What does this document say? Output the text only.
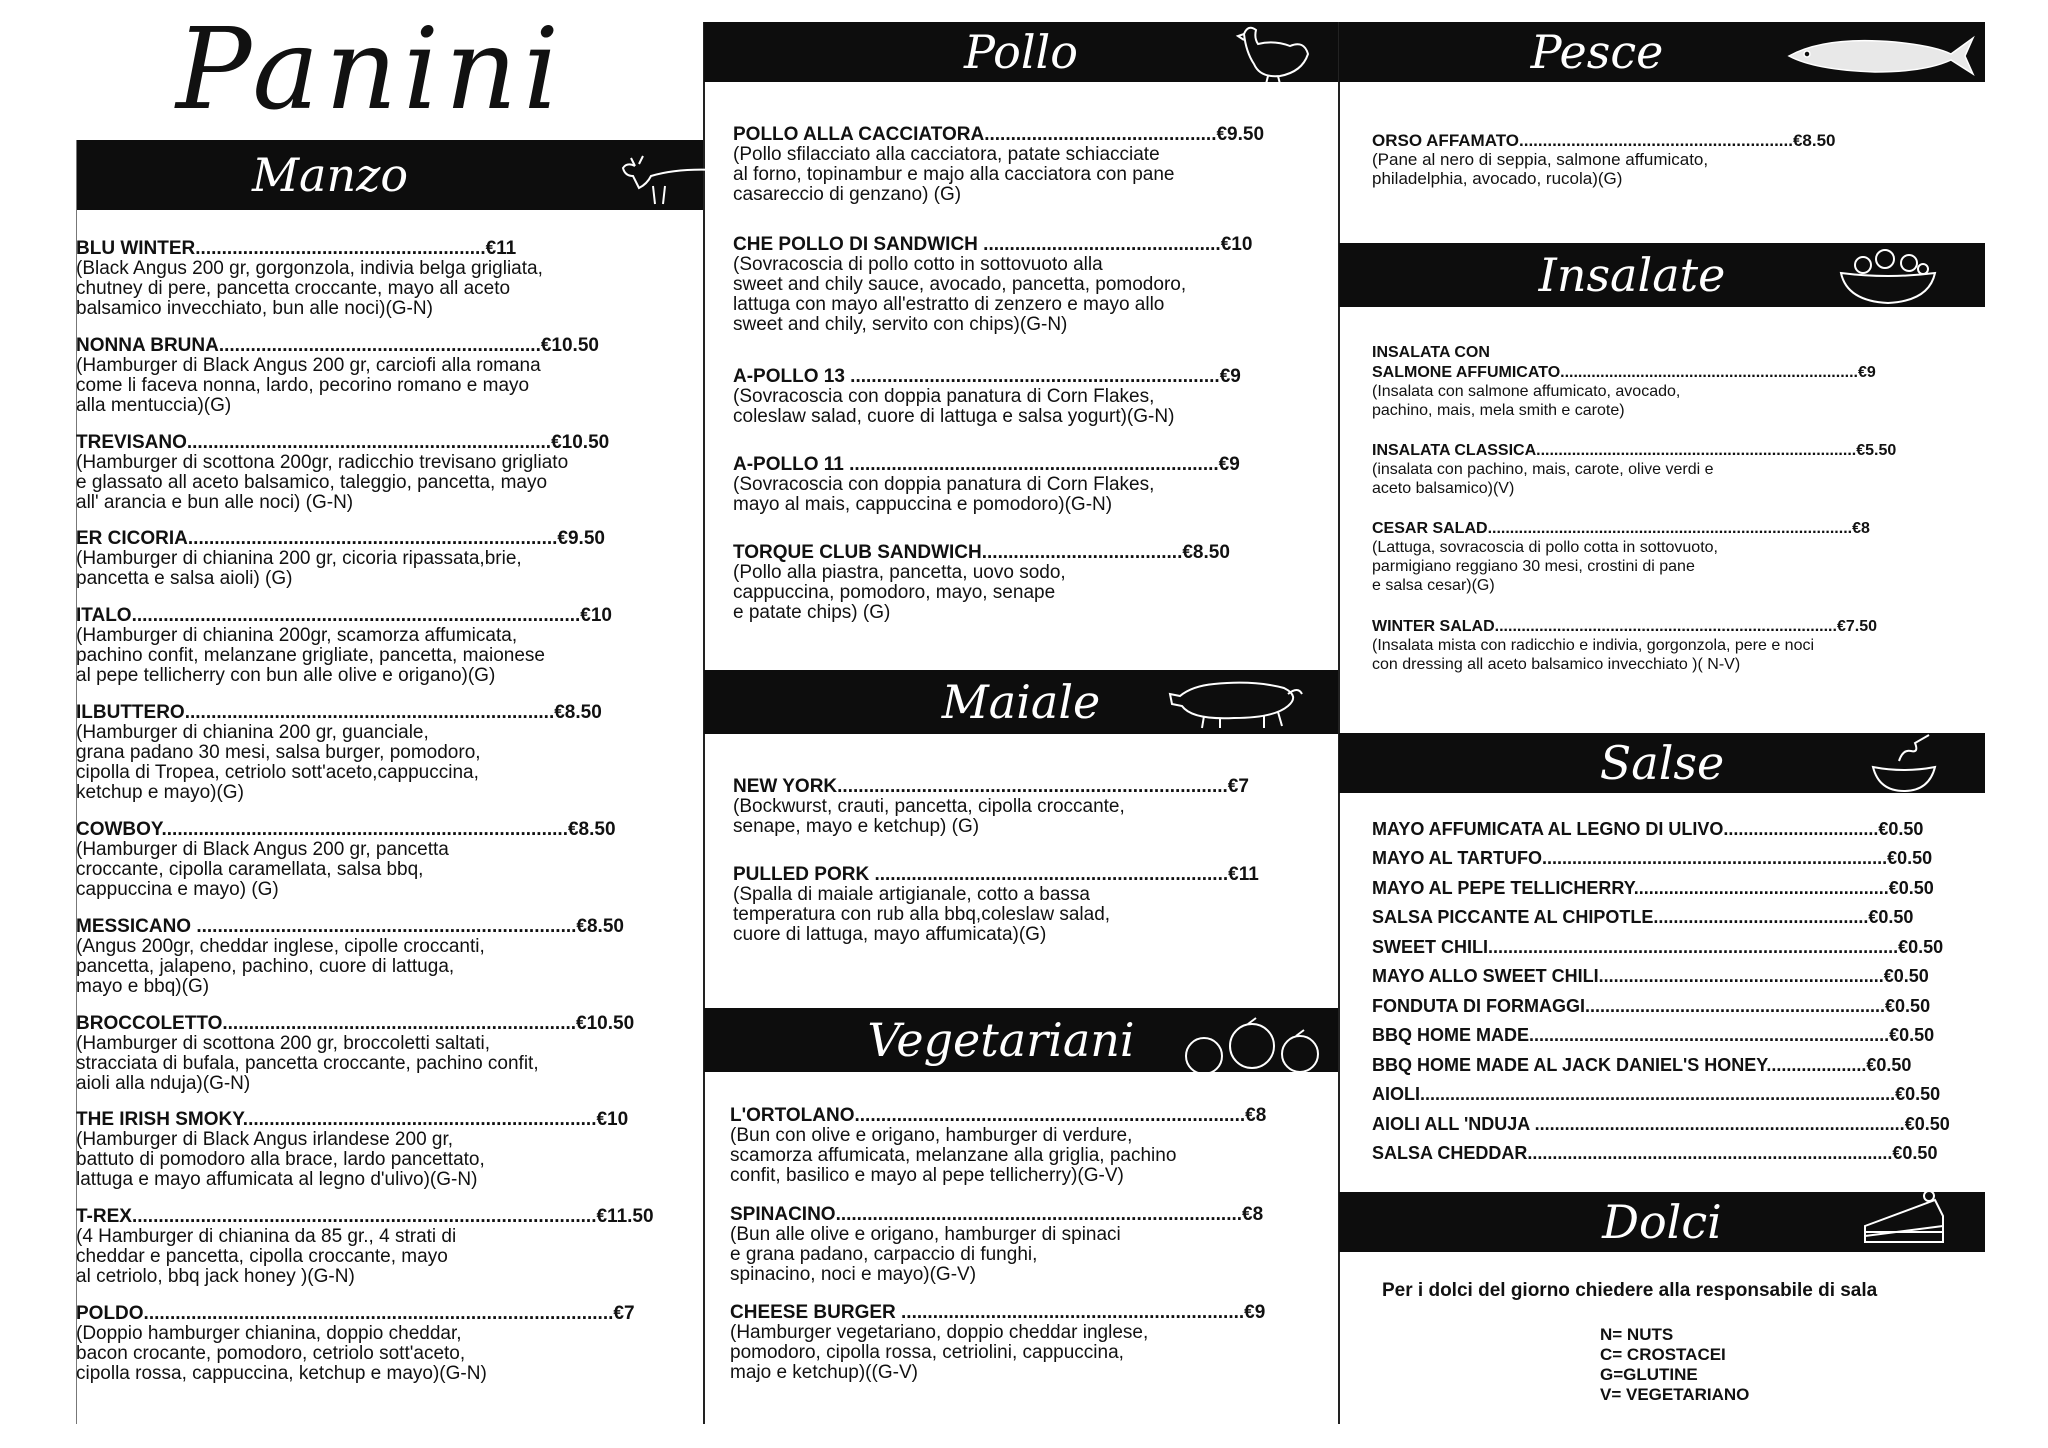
Panini
Manzo
Pollo	Pesce
Insalate
Maiale
Salse
Vegetariani
Dolci
BLU WINTER.......................................................€11
(Black Angus 200 gr, gorgonzola, indivia belga grigliata,
chutney di pere, pancetta croccante, mayo all aceto
balsamico invecchiato, bun alle noci)(G-N)
NONNA BRUNA.............................................................€10.50
(Hamburger di Black Angus 200 gr, carciofi alla romana
come li faceva nonna, lardo, pecorino romano e mayo
alla mentuccia)(G)
TREVISANO.....................................................................€10.50
(Hamburger di scottona 200gr, radicchio trevisano grigliato
e glassato all aceto balsamico, taleggio, pancetta, mayo
all' arancia e bun alle noci) (G-N)
ER CICORIA......................................................................€9.50
(Hamburger di chianina 200 gr, cicoria ripassata,brie,
pancetta e salsa aioli) (G)
ITALO.....................................................................................€10
(Hamburger di chianina 200gr, scamorza affumicata,
pachino confit, melanzane grigliate, pancetta, maionese
al pepe tellicherry con bun alle olive e origano)(G)
ILBUTTERO......................................................................€8.50
(Hamburger di chianina 200 gr, guanciale,
grana padano 30 mesi, salsa burger, pomodoro,
cipolla di Tropea, cetriolo sott'aceto,cappuccina,
ketchup e mayo)(G)
COWBOY.............................................................................€8.50
(Hamburger di Black Angus 200 gr, pancetta
croccante, cipolla caramellata, salsa bbq,
cappuccina e mayo) (G)
MESSICANO ........................................................................€8.50
(Angus 200gr, cheddar inglese, cipolle croccanti,
pancetta, jalapeno, pachino, cuore di lattuga,
mayo e bbq)(G)
BROCCOLETTO...................................................................€10.50
(Hamburger di scottona 200 gr, broccoletti saltati,
stracciata di bufala, pancetta croccante, pachino confit,
aioli alla nduja)(G-N)
THE IRISH SMOKY...................................................................€10
(Hamburger di Black Angus irlandese 200 gr,
battuto di pomodoro alla brace, lardo pancettato,
lattuga e mayo affumicata al legno d'ulivo)(G-N)
T-REX........................................................................................€11.50
(4 Hamburger di chianina da 85 gr., 4 strati di
cheddar e pancetta, cipolla croccante, mayo
al cetriolo, bbq jack honey )(G-N)
POLDO.........................................................................................€7
(Doppio hamburger chianina, doppio cheddar,
bacon crocante, pomodoro, cetriolo sott'aceto,
cipolla rossa, cappuccina, ketchup e mayo)(G-N)
POLLO ALLA CACCIATORA............................................€9.50
(Pollo sfilacciato alla cacciatora, patate schiacciate
al forno, topinambur e majo alla cacciatora con pane
casareccio di genzano) (G)
CHE POLLO DI SANDWICH .............................................€10
(Sovracoscia di pollo cotto in sottovuoto alla
sweet and chily sauce, avocado, pancetta, pomodoro,
lattuga con mayo all'estratto di zenzero e mayo allo
sweet and chily, servito con chips)(G-N)
A-POLLO 13 ......................................................................€9
(Sovracoscia con doppia panatura di Corn Flakes,
coleslaw salad, cuore di lattuga e salsa yogurt)(G-N)
A-POLLO 11 ......................................................................€9
(Sovracoscia con doppia panatura di Corn Flakes,
mayo al mais, cappuccina e pomodoro)(G-N)
TORQUE CLUB SANDWICH......................................€8.50
(Pollo alla piastra, pancetta, uovo sodo,
cappuccina, pomodoro, mayo, senape
e patate chips) (G)
NEW YORK..........................................................................€7
(Bockwurst, crauti, pancetta, cipolla croccante,
senape, mayo e ketchup) (G)
PULLED PORK ...................................................................€11
(Spalla di maiale artigianale, cotto a bassa
temperatura con rub alla bbq,coleslaw salad,
cuore di lattuga, mayo affumicata)(G)
L'ORTOLANO..........................................................................€8
(Bun con olive e origano, hamburger di verdure,
scamorza affumicata, melanzane alla griglia, pachino
confit, basilico e mayo al pepe tellicherry)(G-V)
SPINACINO.............................................................................€8
(Bun alle olive e origano, hamburger di spinaci
e grana padano, carpaccio di funghi,
spinacino, noci e mayo)(G-V)
CHEESE BURGER .................................................................€9
(Hamburger vegetariano, doppio cheddar inglese,
pomodoro, cipolla rossa, cetriolini, cappuccina,
majo e ketchup)((G-V)
ORSO AFFAMATO..........................................................€8.50
(Pane al nero di seppia, salmone affumicato,
philadelphia, avocado, rucola)(G)
INSALATA CON
SALMONE AFFUMICATO...................................................................€9
(Insalata con salmone affumicato, avocado,
pachino, mais, mela smith e carote)
INSALATA CLASSICA........................................................................€5.50
(insalata con pachino, mais, carote, olive verdi e
aceto balsamico)(V)
CESAR SALAD..................................................................................€8
(Lattuga, sovracoscia di pollo cotta in sottovuoto,
parmigiano reggiano 30 mesi, crostini di pane
e salsa cesar)(G)
WINTER SALAD.............................................................................€7.50
(Insalata mista con radicchio e indivia, gorgonzola, pere e noci
con dressing all aceto balsamico invecchiato )( N-V)
MAYO AFFUMICATA AL LEGNO DI ULIVO...............................€0.50
MAYO AL TARTUFO.....................................................................€0.50
MAYO AL PEPE TELLICHERRY...................................................€0.50
SALSA PICCANTE AL CHIPOTLE...........................................€0.50
SWEET CHILI..................................................................................€0.50
MAYO ALLO SWEET CHILI.........................................................€0.50
FONDUTA DI FORMAGGI............................................................€0.50
BBQ HOME MADE........................................................................€0.50
BBQ HOME MADE AL JACK DANIEL'S HONEY....................€0.50
AIOLI...............................................................................................€0.50
AIOLI ALL 'NDUJA ..........................................................................€0.50
SALSA CHEDDAR.........................................................................€0.50
Per i dolci del giorno chiedere alla responsabile di sala
N= NUTS
C= CROSTACEI
G=GLUTINE
V= VEGETARIANO
